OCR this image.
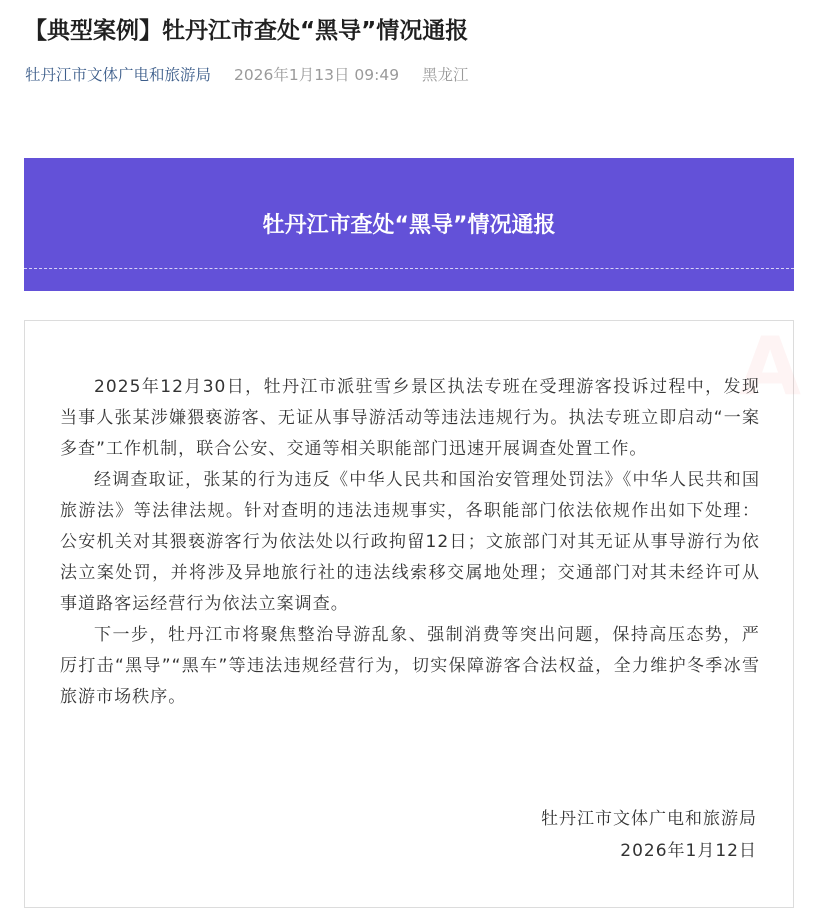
【典型案例】牡丹江市查处“黑导”情况通报
牡丹江市文体广电和旅游局 2026年1月13日 09:49 黑龙江
牡丹江市查处“黑导”情况通报
A

2025年12月30日，牡丹江市派驻雪乡景区执法专班在受理游客投诉过程中，发现当事人张某涉嫌猥亵游客、无证从事导游活动等违法违规行为。执法专班立即启动“一案多查”工作机制，联合公安、交通等相关职能部门迅速开展调查处置工作。

经调查取证，张某的行为违反《中华人民共和国治安管理处罚法》《中华人民共和国旅游法》等法律法规。针对查明的违法违规事实，各职能部门依法依规作出如下处理：公安机关对其猥亵游客行为依法处以行政拘留12日；文旅部门对其无证从事导游行为依法立案处罚，并将涉及异地旅行社的违法线索移交属地处理；交通部门对其未经许可从事道路客运经营行为依法立案调查。

下一步，牡丹江市将聚焦整治导游乱象、强制消费等突出问题，保持高压态势，严厉打击“黑导”“黑车”等违法违规经营行为，切实保障游客合法权益，全力维护冬季冰雪旅游市场秩序。

牡丹江市文体广电和旅游局
2026年1月12日
